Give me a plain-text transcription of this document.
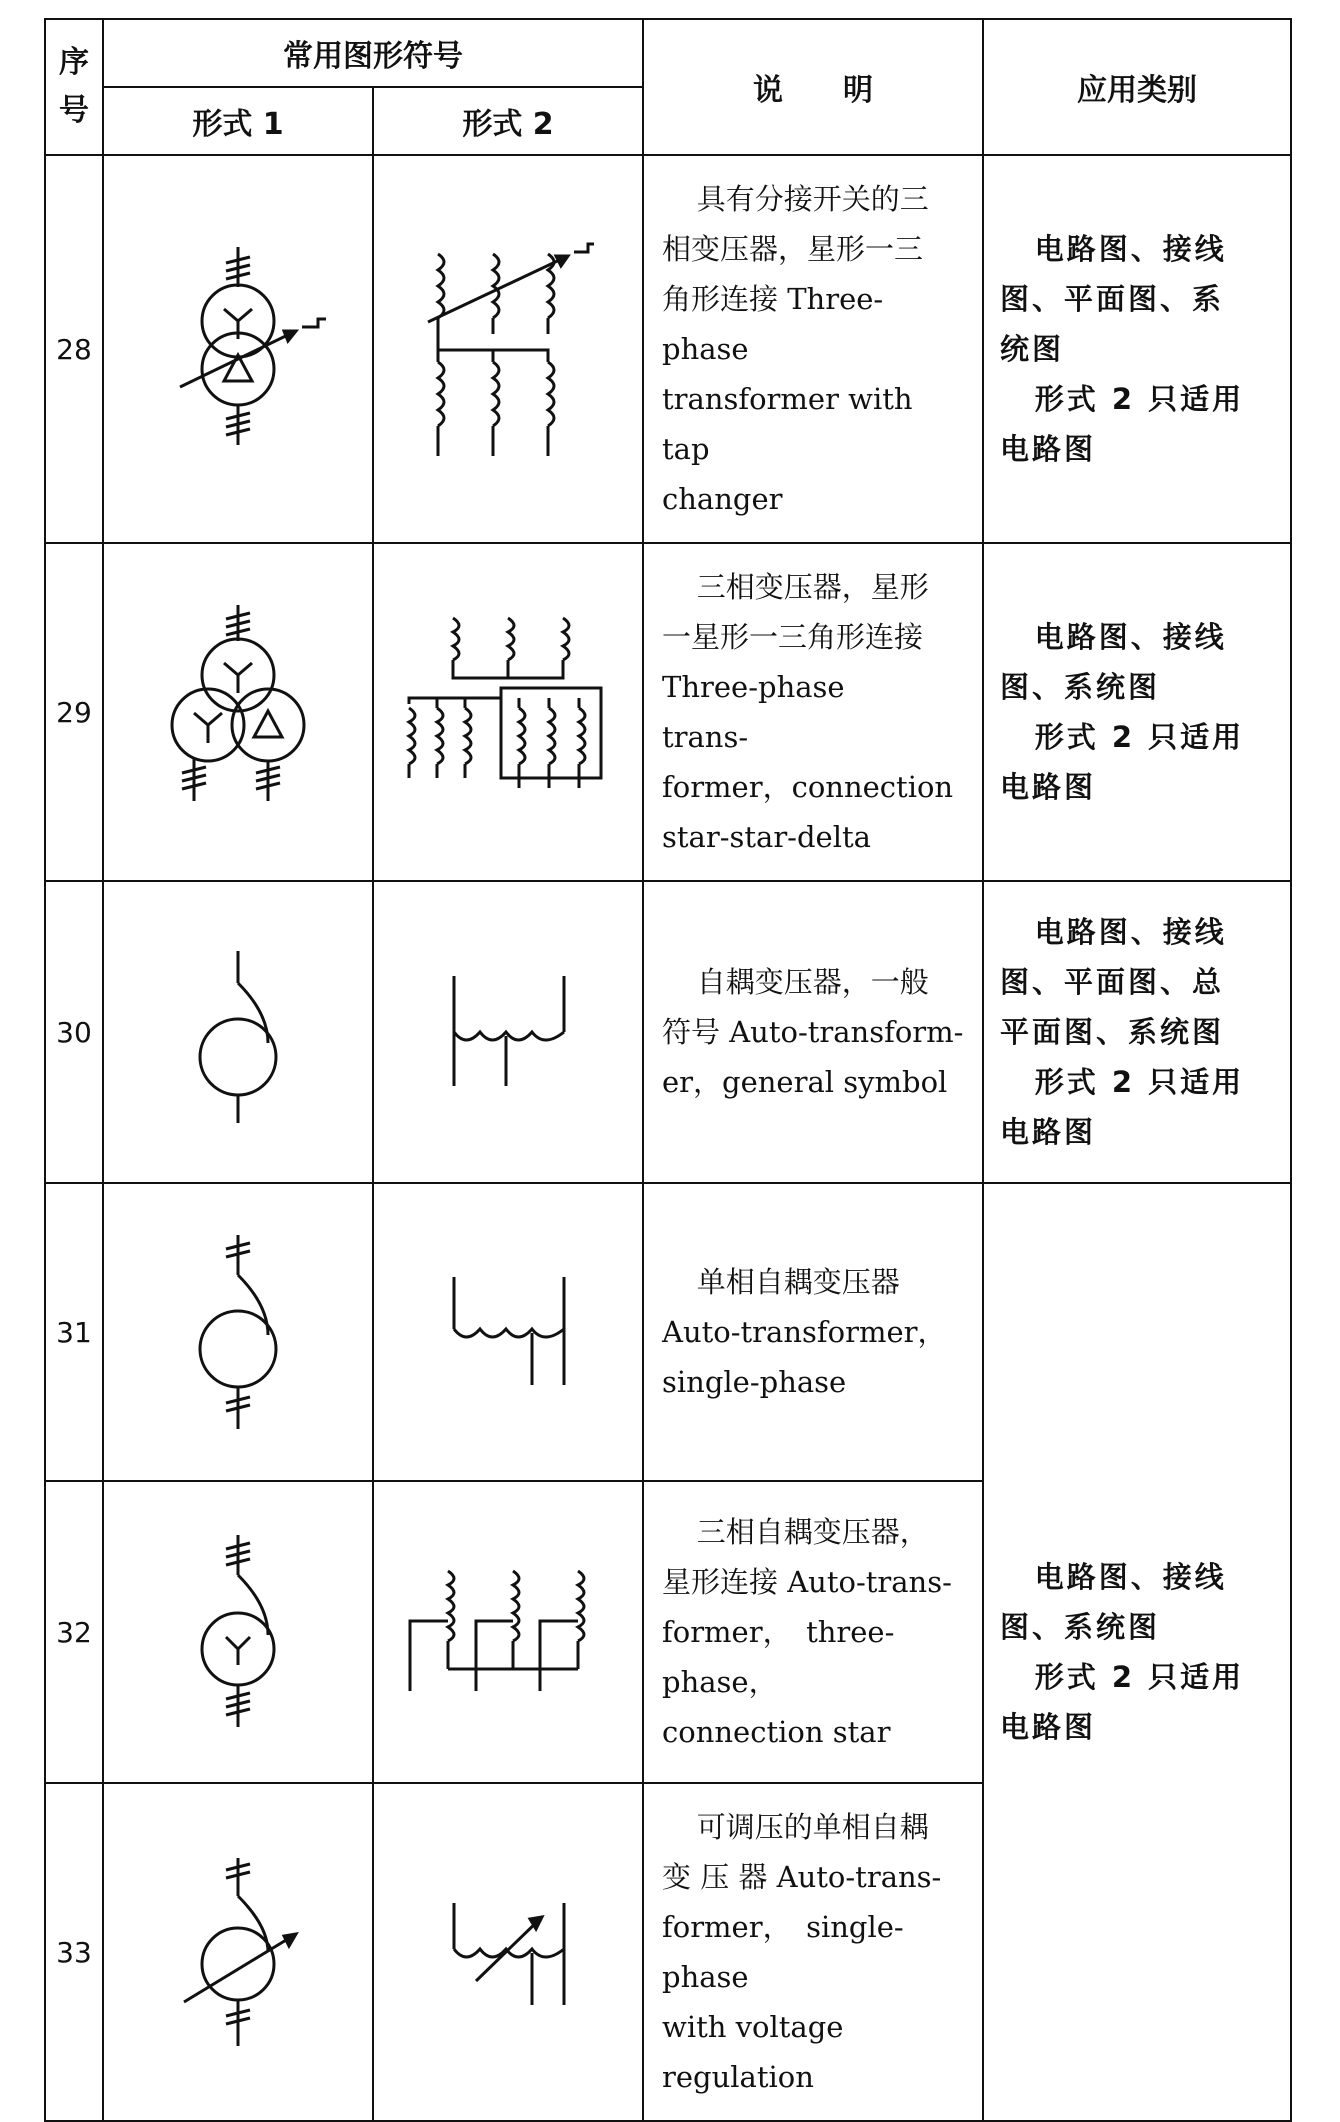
序
号	常用图形符号		说　　明	应用类别
	形式 1	形式 2		
28			具有分接开关的三
相变压器，星形一三
角形连接 Three-phase
transformer with tap
changer	电路图、接线
图、平面图、系
统图
形式 2 只适用
电路图

29			三相变压器，星形
一星形一三角形连接
Three-phase　 trans-
former，connection
star-star-delta	电路图、接线
图、系统图
形式 2 只适用
电路图

30			自耦变压器，一般
符号 Auto-transform-
er，general symbol	电路图、接线
图、平面图、总
平面图、系统图
形式 2 只适用
电路图

31			单相自耦变压器
Auto-transformer，
single-phase	电路图、接线
图、系统图
形式 2 只适用
电路图

32			三相自耦变压器，
星形连接 Auto-trans-
former，　three-phase，
connection star	

33			可调压的单相自耦
变 压 器 Auto-trans-
former，　single-phase
with voltage regulation	
